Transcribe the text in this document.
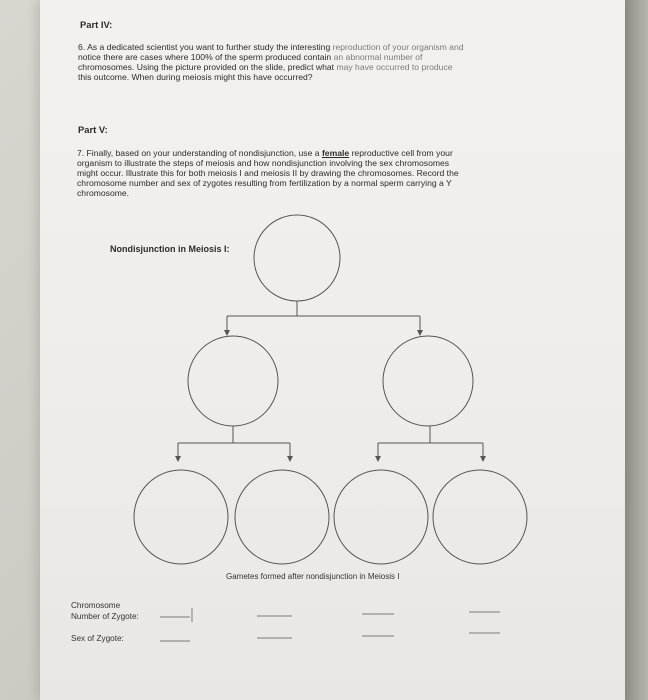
Part IV:
6. As a dedicated scientist you want to further study the interesting reproduction of your organism and
notice there are cases where 100% of the sperm produced contain an abnormal number of
chromosomes. Using the picture provided on the slide, predict what may have occurred to produce
this outcome. When during meiosis might this have occurred?
Part V:
7. Finally, based on your understanding of nondisjunction, use a female reproductive cell from your
organism to illustrate the steps of meiosis and how nondisjunction involving the sex chromosomes
might occur. Illustrate this for both meiosis I and meiosis II by drawing the chromosomes. Record the
chromosome number and sex of zygotes resulting from fertilization by a normal sperm carrying a Y
chromosome.
Nondisjunction in Meiosis I:
Gametes formed after nondisjunction in Meiosis I
Chromosome
Number of Zygote:
Sex of Zygote:
